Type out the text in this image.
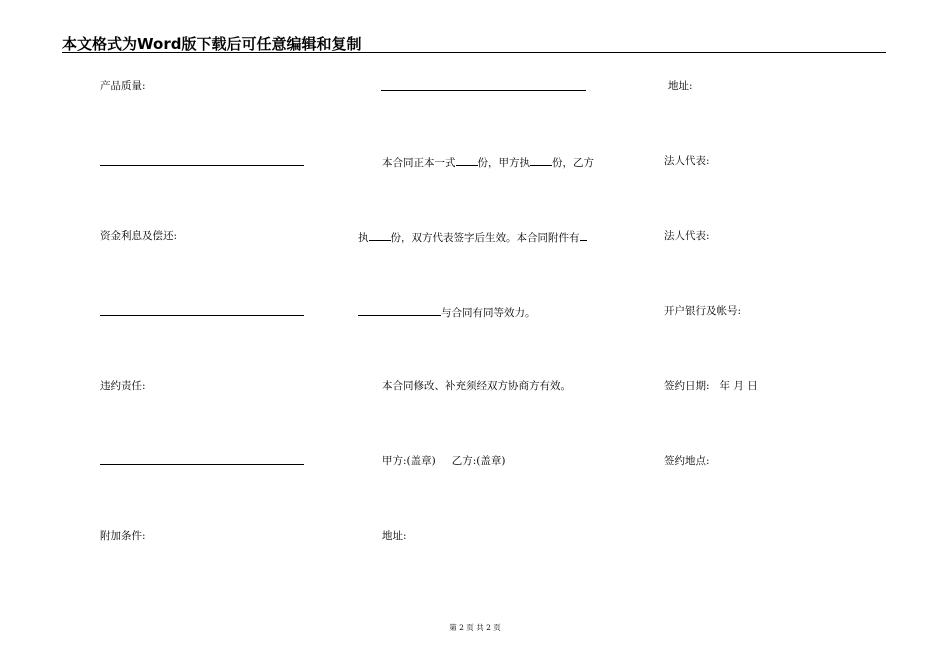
本文格式为Word版下载后可任意编辑和复制
产品质量:
资金利息及偿还:
违约责任:
附加条件:
本合同正本一式 份，甲方执 份，乙方
执 份，双方代表签字后生效。本合同附件有
与合同有同等效力。
本合同修改、补充须经双方协商方有效。
甲方:(盖章) 乙方:(盖章)
地址:
地址:
法人代表:
法人代表:
开户银行及帐号:
签约日期: 年 月 日
签约地点:
第 2 页 共 2 页
